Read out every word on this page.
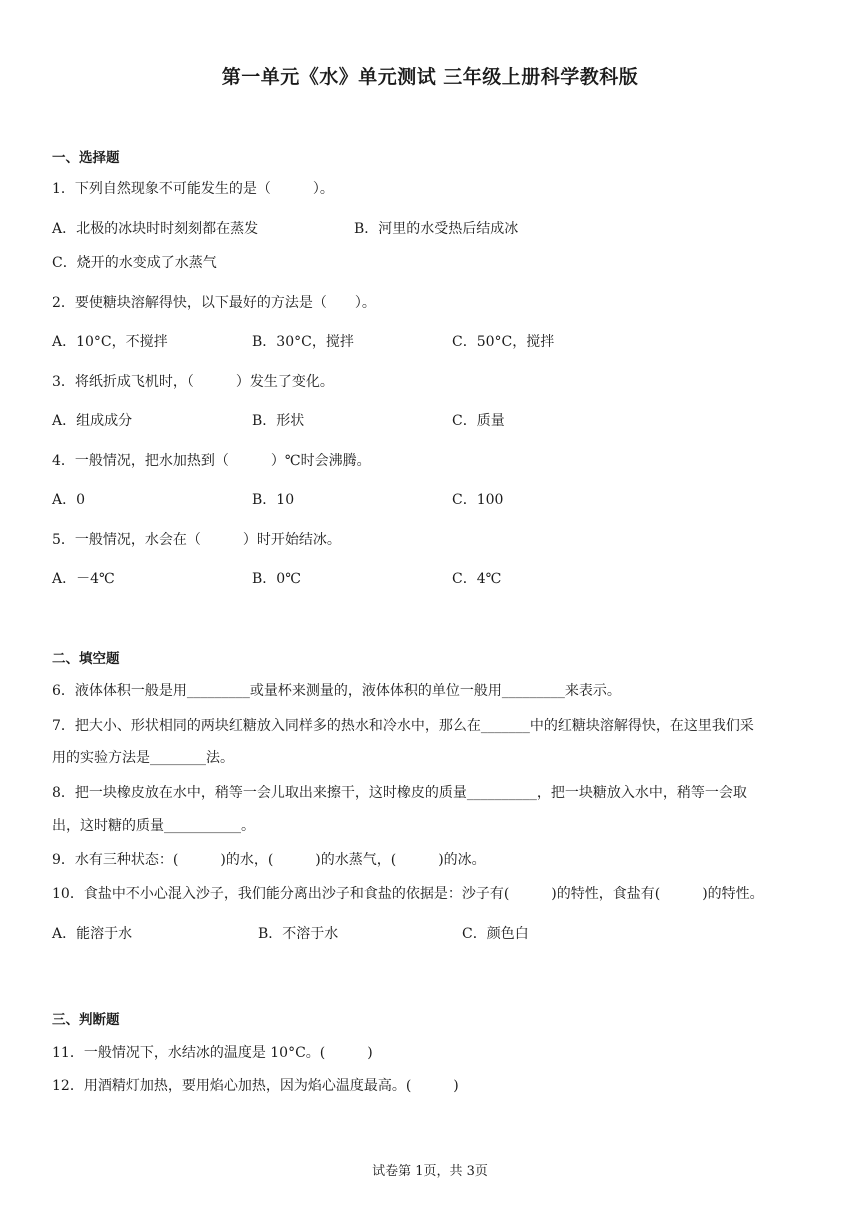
第一单元《水》单元测试 三年级上册科学教科版
一、选择题
1．下列自然现象不可能发生的是（　　　）。
A．北极的冰块时时刻刻都在蒸发	B．河里的水受热后结成冰
C．烧开的水变成了水蒸气
2．要使糖块溶解得快，以下最好的方法是（　　）。
A．10°C，不搅拌	B．30°C，搅拌	C．50°C，搅拌
3．将纸折成飞机时，（　　　）发生了变化。
A．组成成分	B．形状	C．质量
4．一般情况，把水加热到（　　　）℃时会沸腾。
A．0	B．10	C．100
5．一般情况，水会在（　　　）时开始结冰。
A．－4℃	B．0℃	C．4℃
二、填空题
6．液体体积一般是用_________或量杯来测量的，液体体积的单位一般用_________来表示。
7．把大小、形状相同的两块红糖放入同样多的热水和冷水中，那么在_______中的红糖块溶解得快，在这里我们采
用的实验方法是________法。
8．把一块橡皮放在水中，稍等一会儿取出来擦干，这时橡皮的质量__________，把一块糖放入水中，稍等一会取
出，这时糖的质量___________。
9．水有三种状态：(　　　)的水，(　　　)的水蒸气，(　　　)的冰。
10．食盐中不小心混入沙子，我们能分离出沙子和食盐的依据是：沙子有(　　　)的特性，食盐有(　　　)的特性。
A．能溶于水	B．不溶于水	C．颜色白
三、判断题
11．一般情况下，水结冰的温度是 10°C。(　　　)
12．用酒精灯加热，要用焰心加热，因为焰心温度最高。(　　　)
试卷第 1页，共 3页
